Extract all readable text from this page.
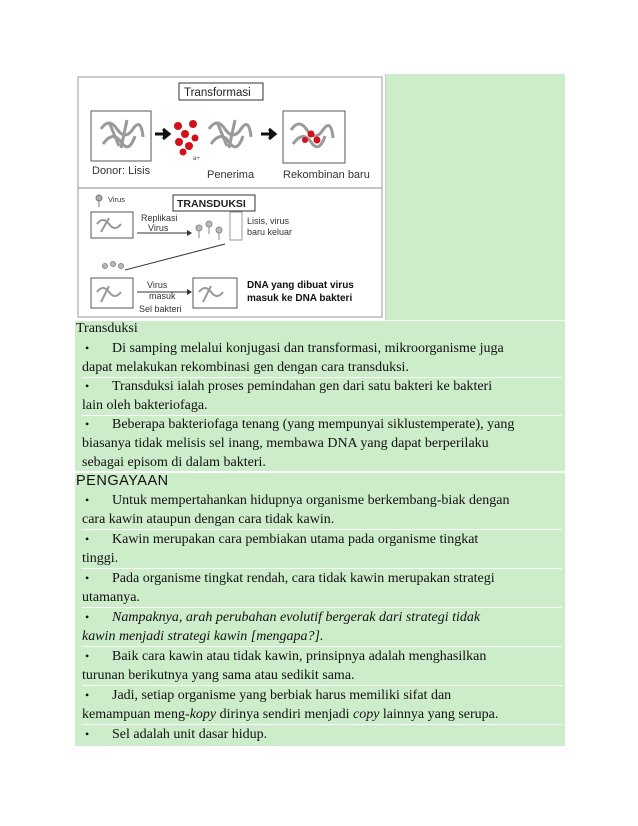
Transformasi
a+
Donor: Lisis	Penerima	Rekombinan baru
TRANSDUKSI
Virus
Replikasi
Virus
Lisis, virus
baru keluar
Virus
masuk
Sel bakteri
DNA yang dibuat virus
masuk ke DNA bakteri
Transduksi
• Di samping melalui konjugasi dan transformasi, mikroorganisme juga
dapat melakukan rekombinasi gen dengan cara transduksi.
• Transduksi ialah proses pemindahan gen dari satu bakteri ke bakteri
lain oleh bakteriofaga.
• Beberapa bakteriofaga tenang (yang mempunyai siklustemperate), yang
biasanya tidak melisis sel inang, membawa DNA yang dapat berperilaku
sebagai episom di dalam bakteri.
PENGAYAAN
• Untuk mempertahankan hidupnya organisme berkembang-biak dengan
cara kawin ataupun dengan cara tidak kawin.
• Kawin merupakan cara pembiakan utama pada organisme tingkat
tinggi.
• Pada organisme tingkat rendah, cara tidak kawin merupakan strategi
utamanya.
• Nampaknya, arah perubahan evolutif bergerak dari strategi tidak
kawin menjadi strategi kawin [mengapa?].
• Baik cara kawin atau tidak kawin, prinsipnya adalah menghasilkan
turunan berikutnya yang sama atau sedikit sama.
• Jadi, setiap organisme yang berbiak harus memiliki sifat dan
kemampuan meng-kopy dirinya sendiri menjadi copy lainnya yang serupa.
• Sel adalah unit dasar hidup.
